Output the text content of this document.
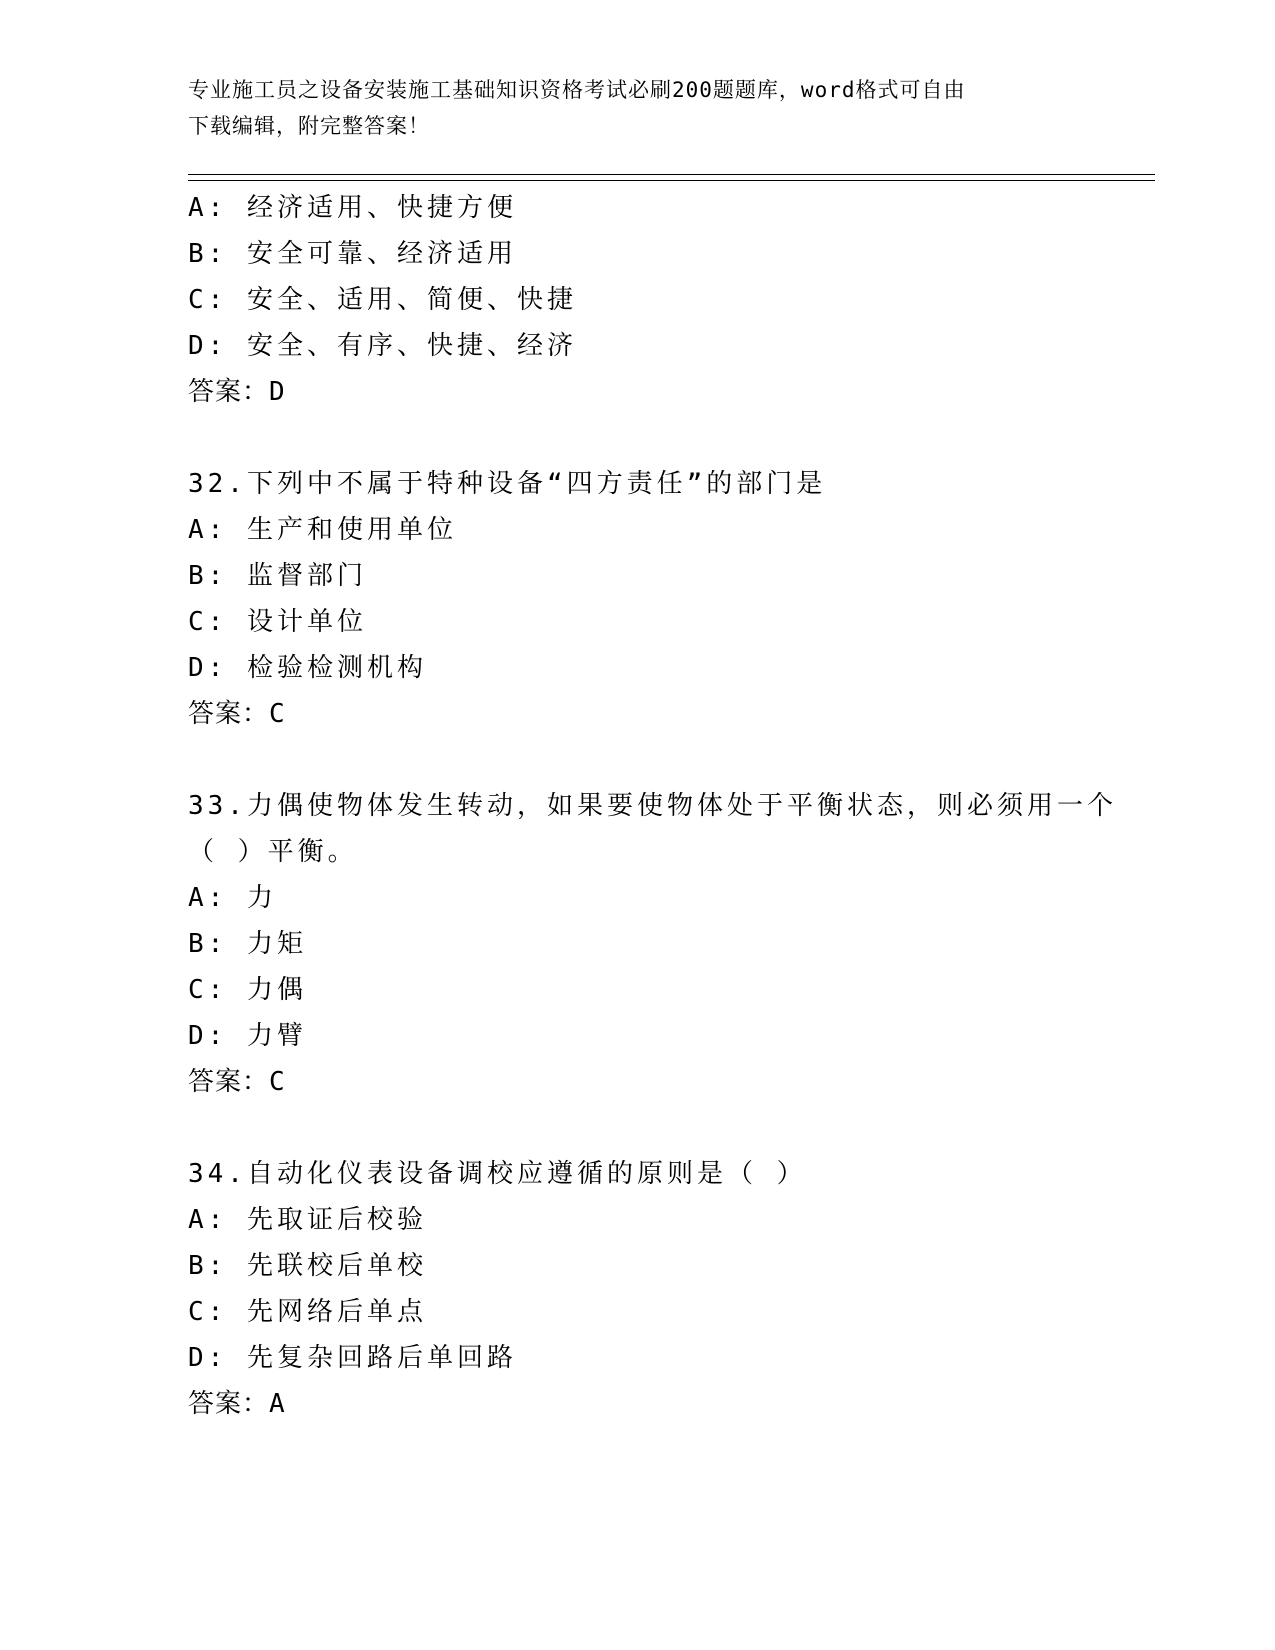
专业施工员之设备安装施工基础知识资格考试必刷200题题库，word格式可自由
下载编辑，附完整答案！
A: 经济适用、快捷方便
B: 安全可靠、经济适用
C: 安全、适用、简便、快捷
D: 安全、有序、快捷、经济
答案：D
32.下列中不属于特种设备“四方责任”的部门是
A: 生产和使用单位
B: 监督部门
C: 设计单位
D: 检验检测机构
答案：C
33.力偶使物体发生转动，如果要使物体处于平衡状态，则必须用一个
（ ）平衡。
A: 力
B: 力矩
C: 力偶
D: 力臂
答案：C
34.自动化仪表设备调校应遵循的原则是（ ）
A: 先取证后校验
B: 先联校后单校
C: 先网络后单点
D: 先复杂回路后单回路
答案：A
